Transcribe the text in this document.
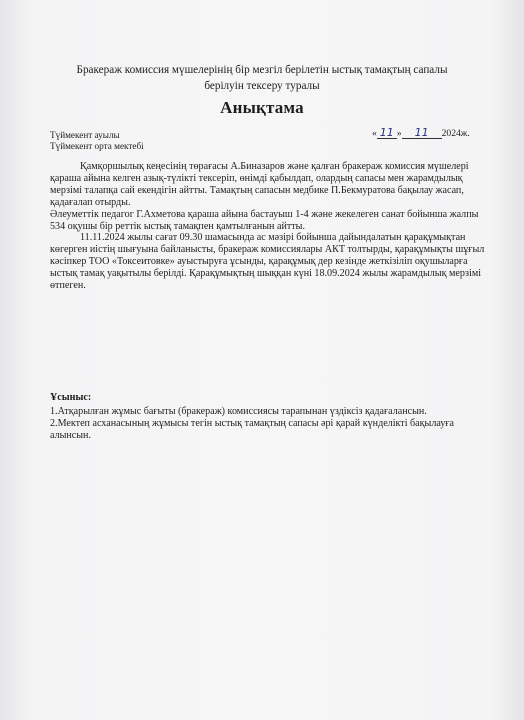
Бракераж комиссия мүшелерінің бір мезгіл берілетін ыстық тамақтың сапалы
берілуін тексеру туралы
Анықтама
Түймекент ауылы
Түймекент орта мектебі
« 11 » 11 2024ж.

Қамқоршылық кеңесінің төрағасы А.Биназаров және қалған бракераж комиссия мүшелері қараша айына келген азық-түлікті тексеріп, өнімді қабылдап, олардың сапасы мен жарамдылық мерзімі талапқа сай екендігін айтты. Тамақтың сапасын медбике П.Бекмуратова бақылау жасап, қадағалап отырды.

Әлеуметтік педагог Г.Ахметова қараша айына бастауыш 1-4 және жекелеген санат бойынша жалпы 534 оқушы бір реттік ыстық тамақпен қамтылғанын айтты.

11.11.2024 жылы сағат 09.30 шамасында ас мәзірі бойынша дайындалатын қарақұмықтан көгерген иістің шығуына байланысты, бракераж комиссиялары АКТ толтырды, қарақұмықты шұғыл кәсіпкер ТОО «Токсеитовке» ауыстыруға ұсынды, қарақұмық дер кезінде жеткізіліп оқушыларға ыстық тамақ уақытылы берілді. Қарақұмықтың шыққан күні 18.09.2024 жылы жарамдылық мерзімі өтпеген.

Ұсыныс:

1.Атқарылған жұмыс бағыты (бракераж) комиссиясы тарапынан үздіксіз қадағалансын.

2.Мектеп асханасының жұмысы тегін ыстық тамақтың сапасы әрі қарай күнделікті бақылауға алынсын.
